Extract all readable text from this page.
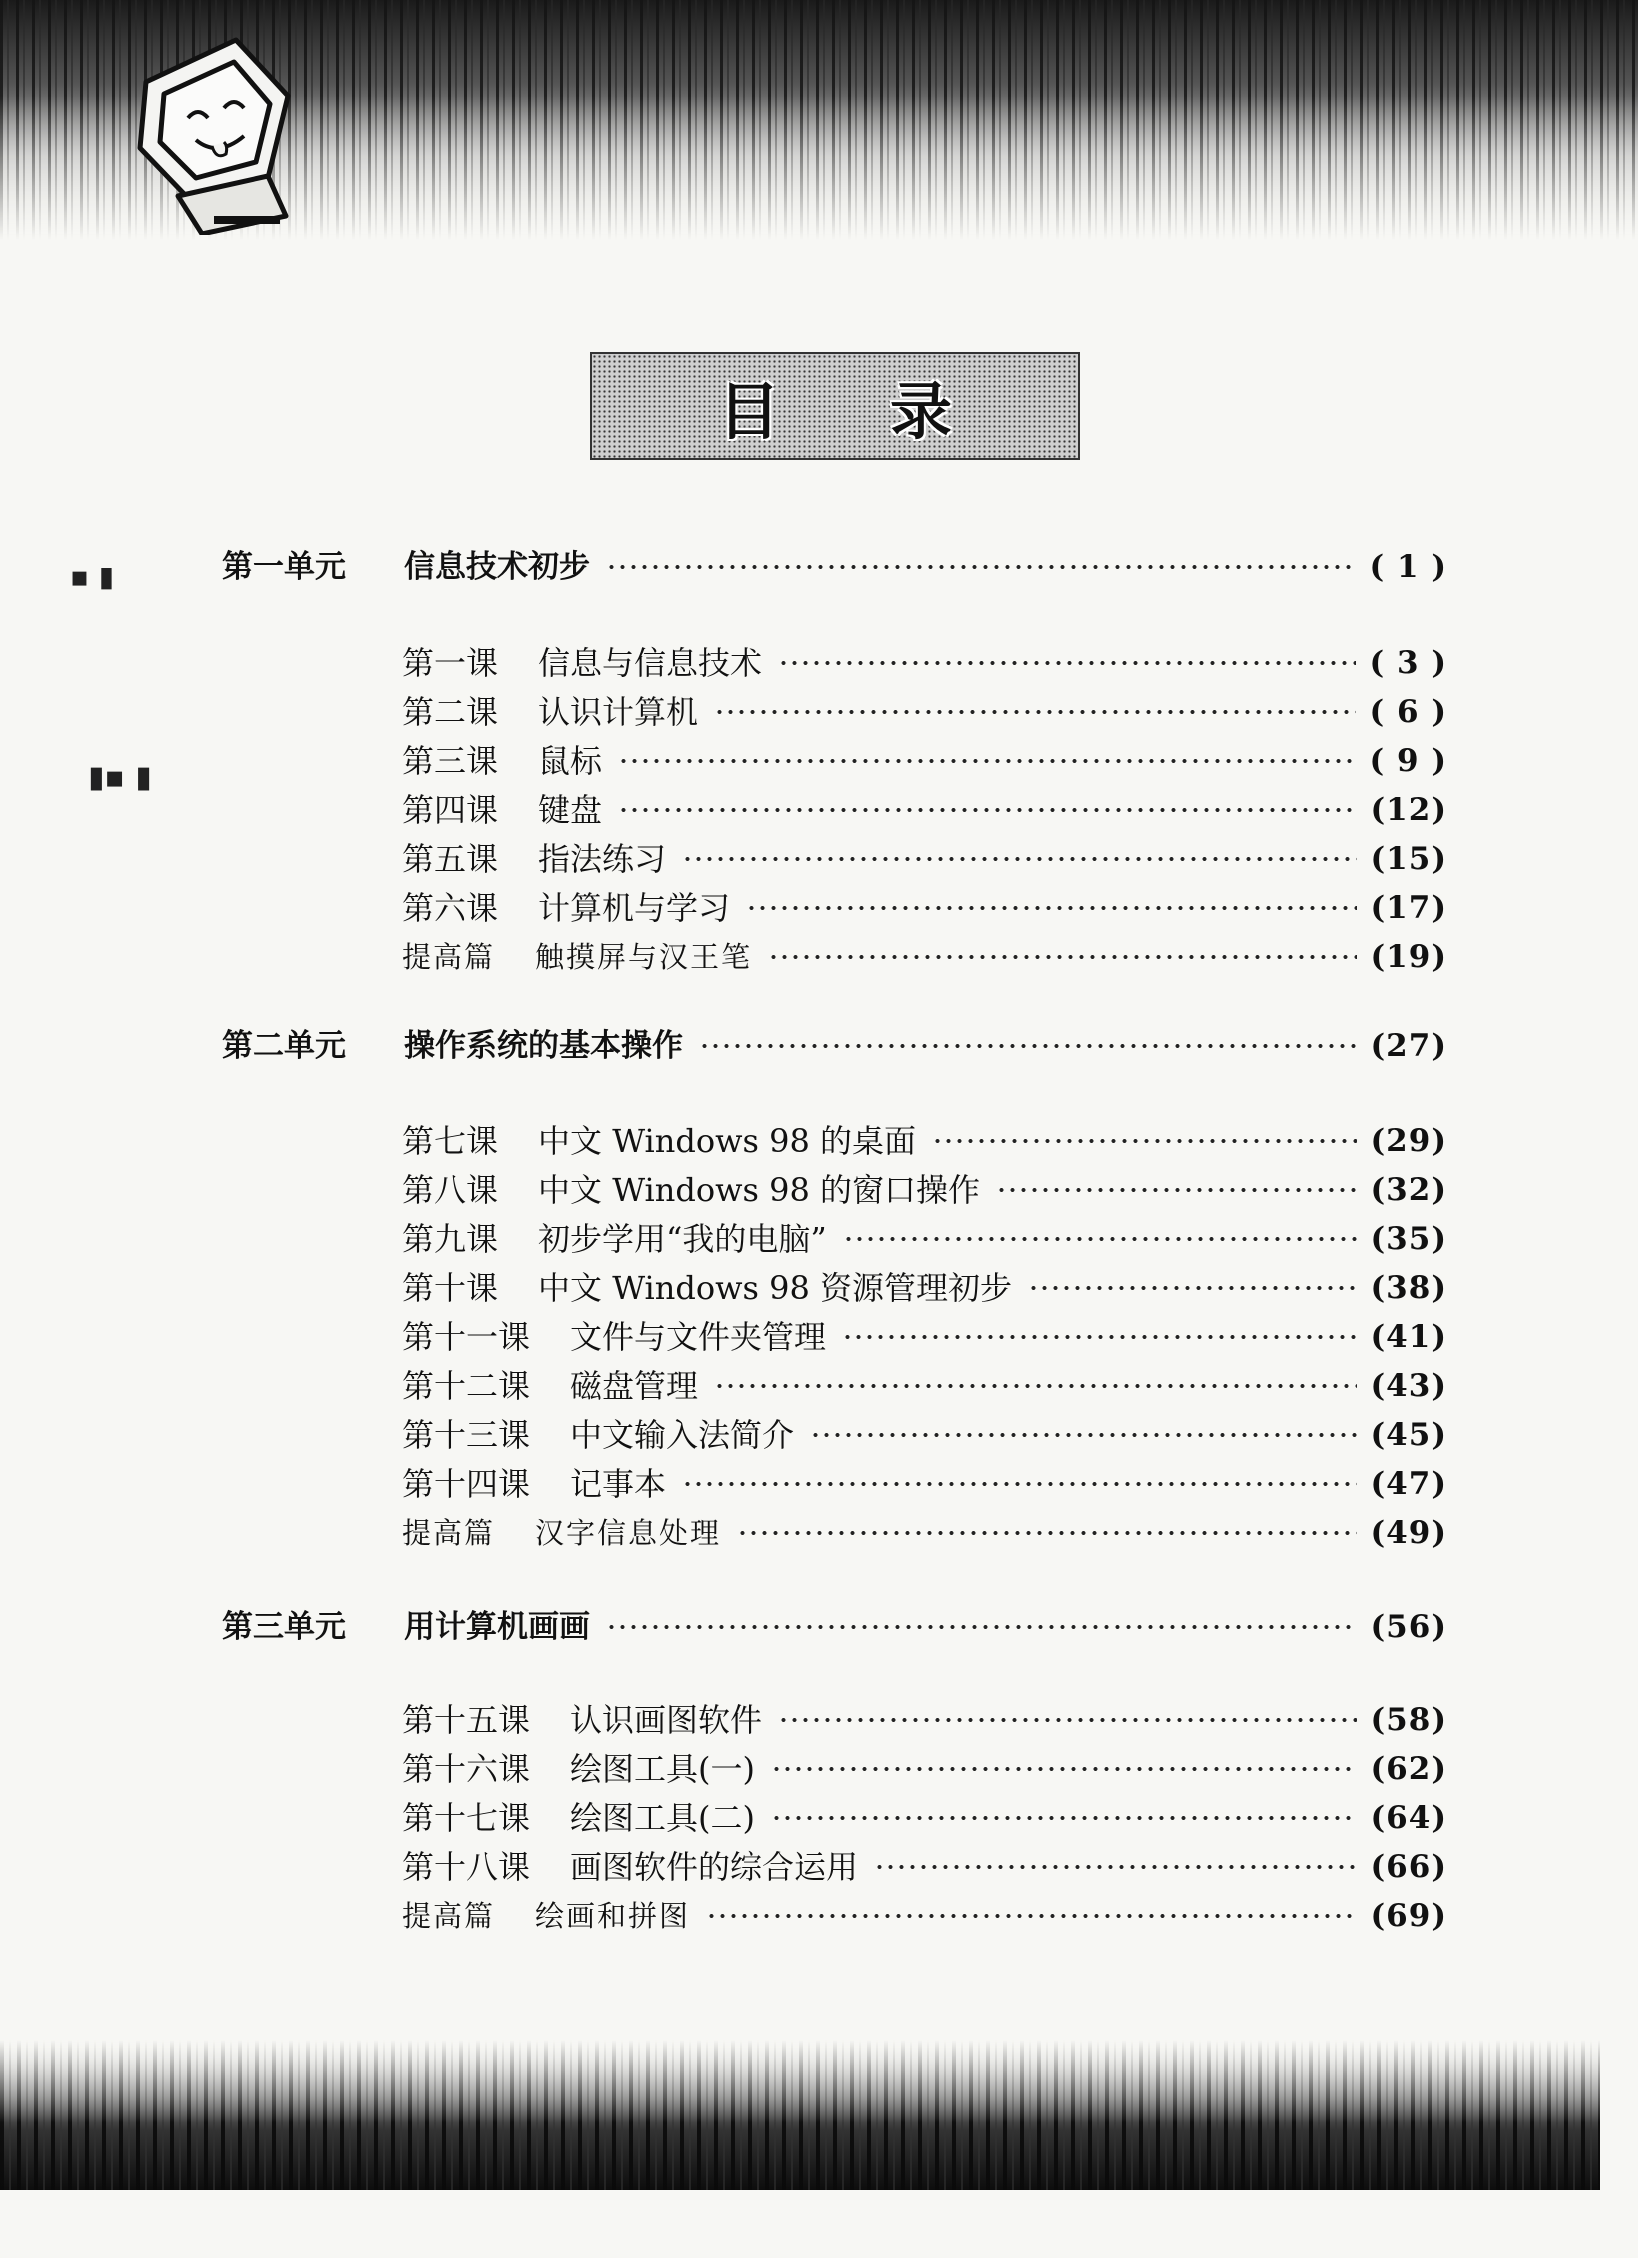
目录
▪ ▮
▮▪ ▮
第一单元	信息技术初步	( 1 )
第一课 信息与信息技术	( 3 )
第二课 认识计算机	( 6 )
第三课 鼠标	( 9 )
第四课 键盘	(12)
第五课 指法练习	(15)
第六课 计算机与学习	(17)
提高篇 触摸屏与汉王笔	(19)
第二单元	操作系统的基本操作	(27)
第七课 中文 Windows 98 的桌面	(29)
第八课 中文 Windows 98 的窗口操作	(32)
第九课 初步学用“我的电脑”	(35)
第十课 中文 Windows 98 资源管理初步	(38)
第十一课 文件与文件夹管理	(41)
第十二课 磁盘管理	(43)
第十三课 中文输入法简介	(45)
第十四课 记事本	(47)
提高篇 汉字信息处理	(49)
第三单元	用计算机画画	(56)
第十五课 认识画图软件	(58)
第十六课 绘图工具(一)	(62)
第十七课 绘图工具(二)	(64)
第十八课 画图软件的综合运用	(66)
提高篇 绘画和拼图	(69)
